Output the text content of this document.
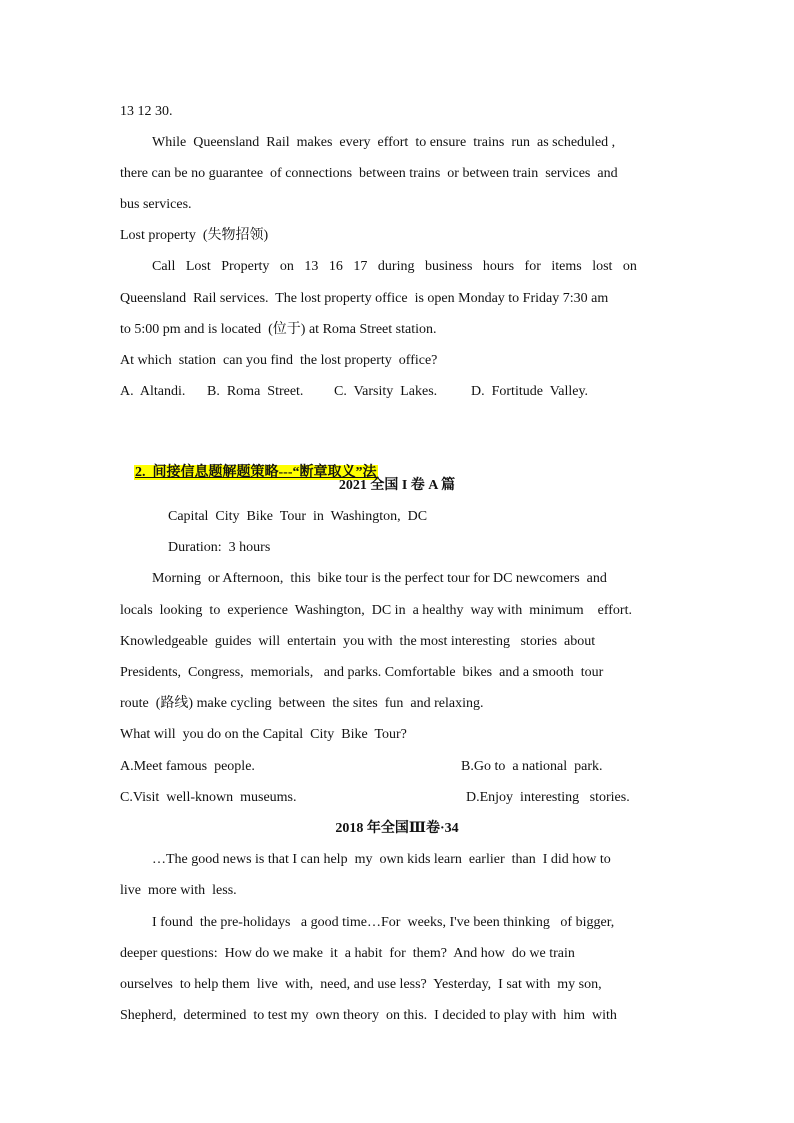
13 12 30.
While  Queensland  Rail  makes  every  effort  to ensure  trains  run  as scheduled ,
there can be no guarantee  of connections  between trains  or between train  services  and
bus services.
Lost property  (失物招领)
Call   Lost   Property   on   13   16   17   during   business   hours   for   items   lost   on
Queensland  Rail services.  The lost property office  is open Monday to Friday 7:30 am
to 5:00 pm and is located  (位于) at Roma Street station.
At which  station  can you find  the lost property  office?
A.  Altandi. B.  Roma  Street. C.  Varsity  Lakes. D.  Fortitude  Valley.

2.  间接信息题解题策略---“断章取义”法

2021 全国 I 卷 A 篇
Capital  City  Bike  Tour  in  Washington,  DC
Duration:  3 hours
Morning  or Afternoon,  this  bike tour is the perfect tour for DC newcomers  and
locals  looking  to  experience  Washington,  DC in  a healthy  way with  minimum    effort.
Knowledgeable  guides  will  entertain  you with  the most interesting   stories  about
Presidents,  Congress,  memorials,   and parks. Comfortable  bikes  and a smooth  tour
route  (路线) make cycling  between  the sites  fun  and relaxing.
What will  you do on the Capital  City  Bike  Tour?
A.Meet famous  people.	B.Go to  a national  park.
C.Visit  well-known  museums.	D.Enjoy  interesting   stories.
2018 年全国Ⅲ卷·34
…The good news is that I can help  my  own kids learn  earlier  than  I did how to
live  more with  less.
I found  the pre-holidays   a good time…For  weeks, I've been thinking   of bigger,
deeper questions:  How do we make  it  a habit  for  them?  And how  do we train
ourselves  to help them  live  with,  need, and use less?  Yesterday,  I sat with  my son,
Shepherd,  determined  to test my  own theory  on this.  I decided to play with  him  with
